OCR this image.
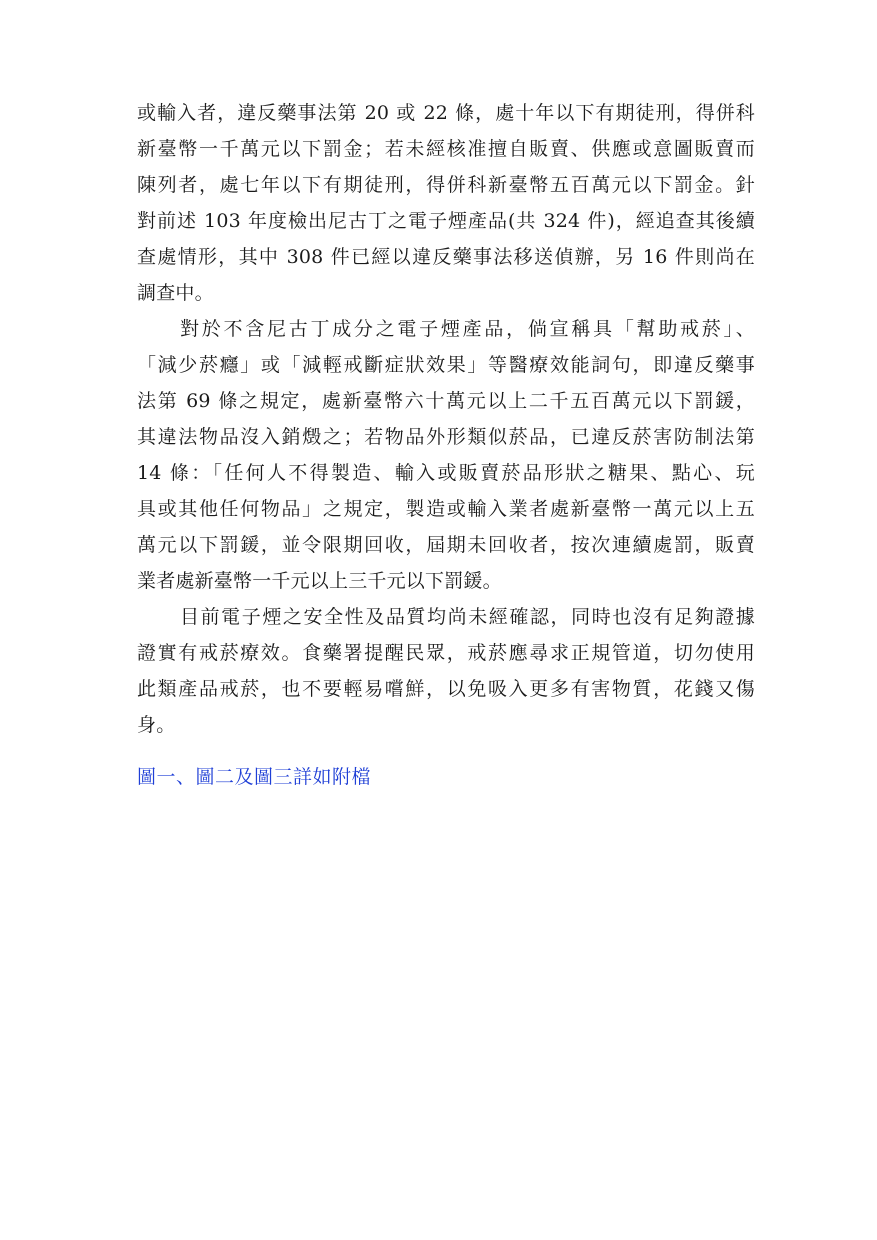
或輸入者，違反藥事法第 20 或 22 條，處十年以下有期徒刑，得併科
新臺幣一千萬元以下罰金；若未經核准擅自販賣、供應或意圖販賣而
陳列者，處七年以下有期徒刑，得併科新臺幣五百萬元以下罰金。針
對前述 103 年度檢出尼古丁之電子煙產品(共 324 件)，經追查其後續
查處情形，其中 308 件已經以違反藥事法移送偵辦，另 16 件則尚在
調查中。
對於不含尼古丁成分之電子煙產品，倘宣稱具「幫助戒菸」、
「減少菸癮」或「減輕戒斷症狀效果」等醫療效能詞句，即違反藥事
法第 69 條之規定，處新臺幣六十萬元以上二千五百萬元以下罰鍰，
其違法物品沒入銷燬之；若物品外形類似菸品，已違反菸害防制法第
14 條：「任何人不得製造、輸入或販賣菸品形狀之糖果、點心、玩
具或其他任何物品」之規定，製造或輸入業者處新臺幣一萬元以上五
萬元以下罰鍰，並令限期回收，屆期未回收者，按次連續處罰，販賣
業者處新臺幣一千元以上三千元以下罰鍰。
目前電子煙之安全性及品質均尚未經確認，同時也沒有足夠證據
證實有戒菸療效。食藥署提醒民眾，戒菸應尋求正規管道，切勿使用
此類產品戒菸，也不要輕易嚐鮮，以免吸入更多有害物質，花錢又傷
身。
圖一、圖二及圖三詳如附檔
